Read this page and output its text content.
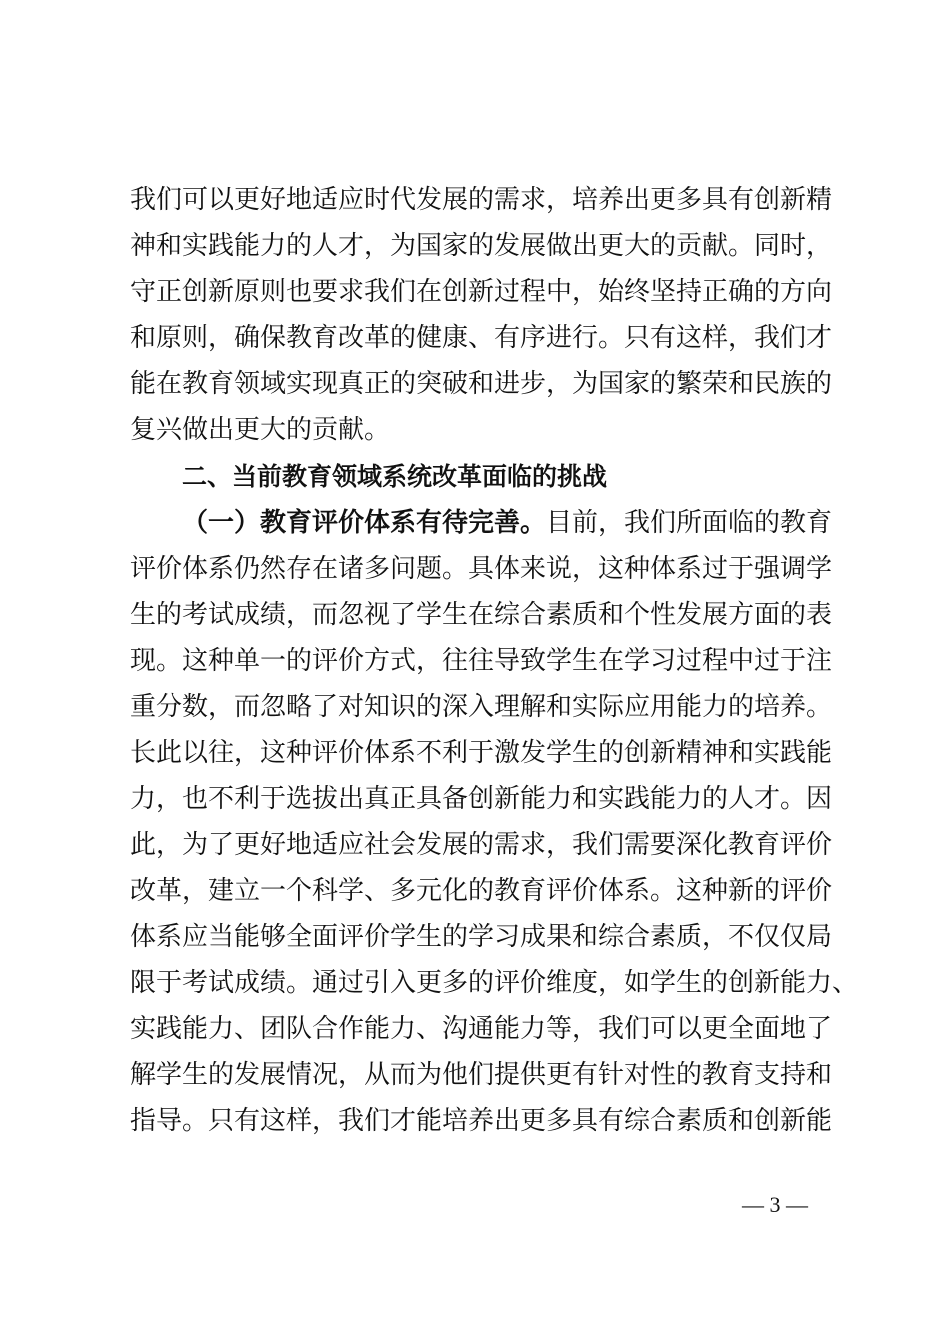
我们可以更好地适应时代发展的需求，培养出更多具有创新精
神和实践能力的人才，为国家的发展做出更大的贡献。同时，
守正创新原则也要求我们在创新过程中，始终坚持正确的方向
和原则，确保教育改革的健康、有序进行。只有这样，我们才
能在教育领域实现真正的突破和进步，为国家的繁荣和民族的
复兴做出更大的贡献。
二、当前教育领域系统改革面临的挑战
（一）教育评价体系有待完善。目前，我们所面临的教育
评价体系仍然存在诸多问题。具体来说，这种体系过于强调学
生的考试成绩，而忽视了学生在综合素质和个性发展方面的表
现。这种单一的评价方式，往往导致学生在学习过程中过于注
重分数，而忽略了对知识的深入理解和实际应用能力的培养。
长此以往，这种评价体系不利于激发学生的创新精神和实践能
力，也不利于选拔出真正具备创新能力和实践能力的人才。因
此，为了更好地适应社会发展的需求，我们需要深化教育评价
改革，建立一个科学、多元化的教育评价体系。这种新的评价
体系应当能够全面评价学生的学习成果和综合素质，不仅仅局
限于考试成绩。通过引入更多的评价维度，如学生的创新能力、
实践能力、团队合作能力、沟通能力等，我们可以更全面地了
解学生的发展情况，从而为他们提供更有针对性的教育支持和
指导。只有这样，我们才能培养出更多具有综合素质和创新能
— 3 —
